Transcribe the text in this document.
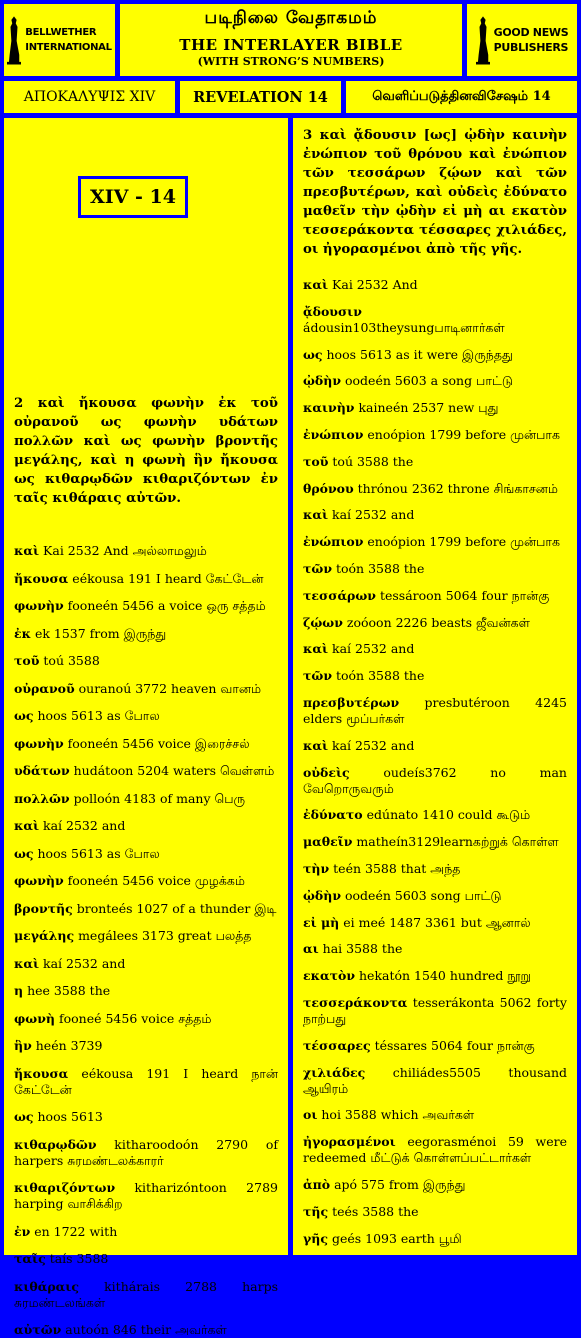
BELLWETHER
INTERNATIONAL
படிநிலை வேதாகமம்
THE INTERLAYER BIBLE
(WITH STRONG’S NUMBERS)
GOOD NEWS
PUBLISHERS
ΑΠΟΚΑΛΥΨΙΣ XIV	REVELATION 14	வெளிப்படுத்தினவிசேஷம் 14

2 καὶ ἤκουσα φωνὴν ἐκ τοῦ οὐρανοῦ ως φωνὴν υδάτων πολλῶν καὶ ως φωνὴν βροντῆς μεγάλης, καὶ η φωνὴ ἣν ἤκουσα ως κιθαρῳδῶν κιθαριζόντων ἐν ταῖς κιθάραις αὐτῶν.

καὶ Kai 2532 And அல்லாமலும்
ἤκουσα eékousa 191 I heard கேட்டேன்
φωνὴν fooneén 5456 a voice ஒரு சத்தம்
ἐκ ek 1537 from இருந்து
τοῦ toú 3588
οὐρανοῦ ouranoú 3772 heaven வானம்
ως hoos 5613 as போல
φωνὴν fooneén 5456 voice இரைச்சல்
υδάτων hudátoon 5204 waters வெள்ளம்
πολλῶν polloón 4183 of many பெரு
καὶ kaí 2532 and
ως hoos 5613 as போல
φωνὴν fooneén 5456 voice முழக்கம்
βροντῆς bronteés 1027 of a thunder இடி
μεγάλης megálees 3173 great பலத்த
καὶ kaí 2532 and
η hee 3588 the
φωνὴ fooneé 5456 voice சத்தம்
ἣν heén 3739
ἤκουσα eékousa 191 I heard நான் கேட்டேன்
ως hoos 5613
κιθαρῳδῶν kitharoodoón 2790 of harpers சுரமண்டலக்காரர்
κιθαριζόντων kitharizóntoon 2789 harping வாசிக்கிற
ἐν en 1722 with
ταῖς taís 3588
κιθάραις kithárais 2788 harps சுரமண்டலங்கள்
αὐτῶν autoón 846 their அவர்கள்
XIV - 14

3 καὶ ᾄδουσιν [ως] ᾠδὴν καινὴν ἐνώπιον τοῦ θρόνου καὶ ἐνώπιον τῶν τεσσάρων ζῴων καὶ τῶν πρεσβυτέρων, καὶ οὐδεὶς ἐδύνατο μαθεῖν τὴν ᾠδὴν εἰ μὴ αι εκατὸν τεσσεράκοντα τέσσαρες χιλιάδες, οι ἠγορασμένοι ἀπὸ τῆς γῆς.

καὶ Kai 2532 And
ᾄδουσιν ádousin103theysungபாடினார்கள்
ως hoos 5613 as it were இருந்தது
ᾠδὴν oodeén 5603 a song பாட்டு
καινὴν kaineén 2537 new புது
ἐνώπιον enoópion 1799 before முன்பாக
τοῦ toú 3588 the
θρόνου thrónou 2362 throne சிங்காசனம்
καὶ kaí 2532 and
ἐνώπιον enoópion 1799 before முன்பாக
τῶν toón 3588 the
τεσσάρων tessároon 5064 four நான்கு
ζῴων zoóoon 2226 beasts ஜீவன்கள்
καὶ kaí 2532 and
τῶν toón 3588 the
πρεσβυτέρων presbutéroon 4245 elders மூப்பர்கள்
καὶ kaí 2532 and
οὐδεὶς	oudeís3762 no man வேறொருவரும்
ἐδύνατο edúnato 1410 could கூடும்
μαθεῖν matheín3129learnகற்றுக் கொள்ள
τὴν teén 3588 that அந்த
ᾠδὴν oodeén 5603 song பாட்டு
εἰ μὴ ei meé 1487 3361 but ஆனால்
αι hai 3588 the
εκατὸν hekatón 1540 hundred நூறு
τεσσεράκοντα tesserákonta 5062 forty நாற்பது
τέσσαρες téssares 5064 four நான்கு
χιλιάδες chiliádes5505 thousand ஆயிரம்
οι hoi 3588 which அவர்கள்
ἠγορασμένοι eegorasménoi 59 were redeemed மீட்டுக் கொள்ளப்பட்டார்கள்
ἀπὸ apó 575 from இருந்து
τῆς teés 3588 the
γῆς geés 1093 earth பூமி
